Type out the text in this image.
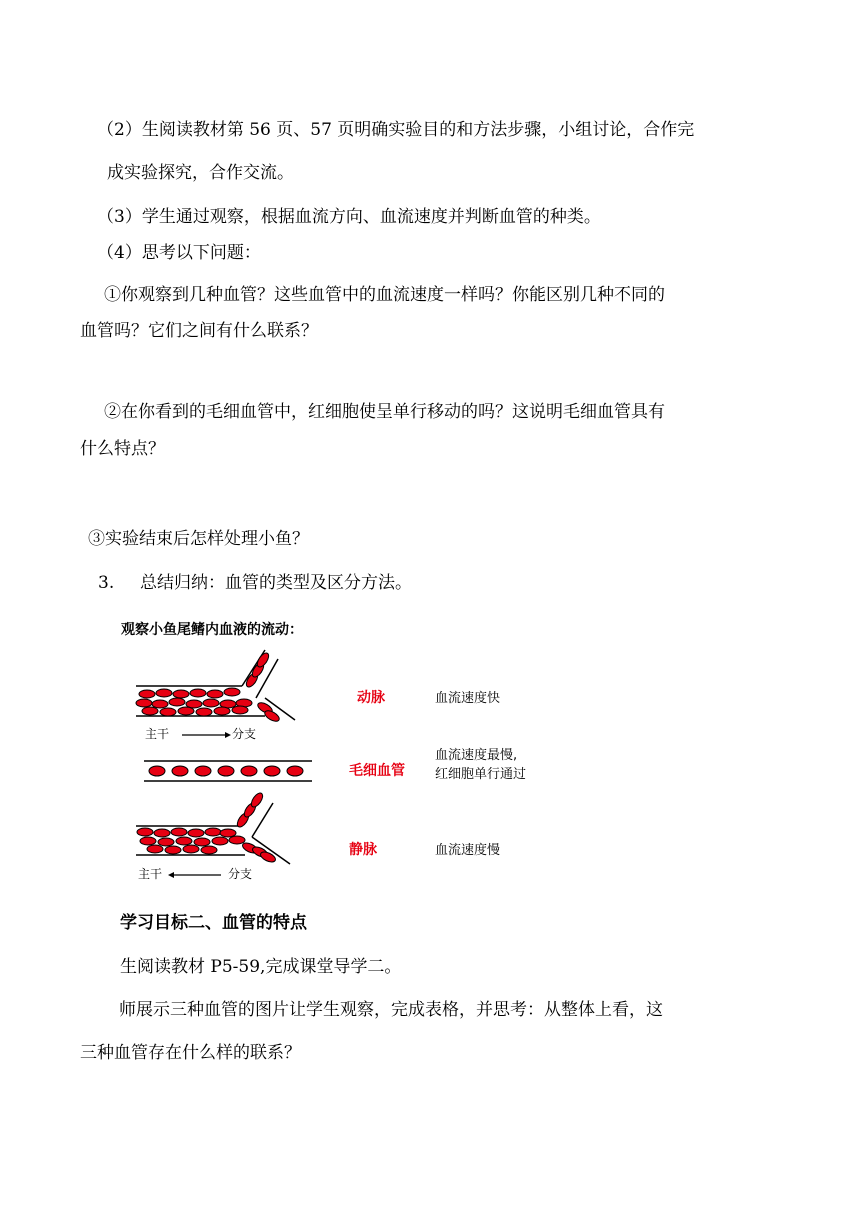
（2）生阅读教材第 56 页、57 页明确实验目的和方法步骤，小组讨论，合作完
成实验探究，合作交流。
（3）学生通过观察，根据血流方向、血流速度并判断血管的种类。
（4）思考以下问题：
①你观察到几种血管？这些血管中的血流速度一样吗？你能区别几种不同的
血管吗？它们之间有什么联系？
②在你看到的毛细血管中，红细胞使呈单行移动的吗？这说明毛细血管具有
什么特点？
③实验结束后怎样处理小鱼？
3. 总结归纳：血管的类型及区分方法。
观察小鱼尾鳍内血液的流动：
主干	分支
动脉	血流速度快
毛细血管
血流速度最慢,
红细胞单行通过
主干	分支
静脉	血流速度慢
学习目标二、血管的特点
生阅读教材 P5-59,完成课堂导学二。
师展示三种血管的图片让学生观察，完成表格，并思考：从整体上看，这
三种血管存在什么样的联系？
